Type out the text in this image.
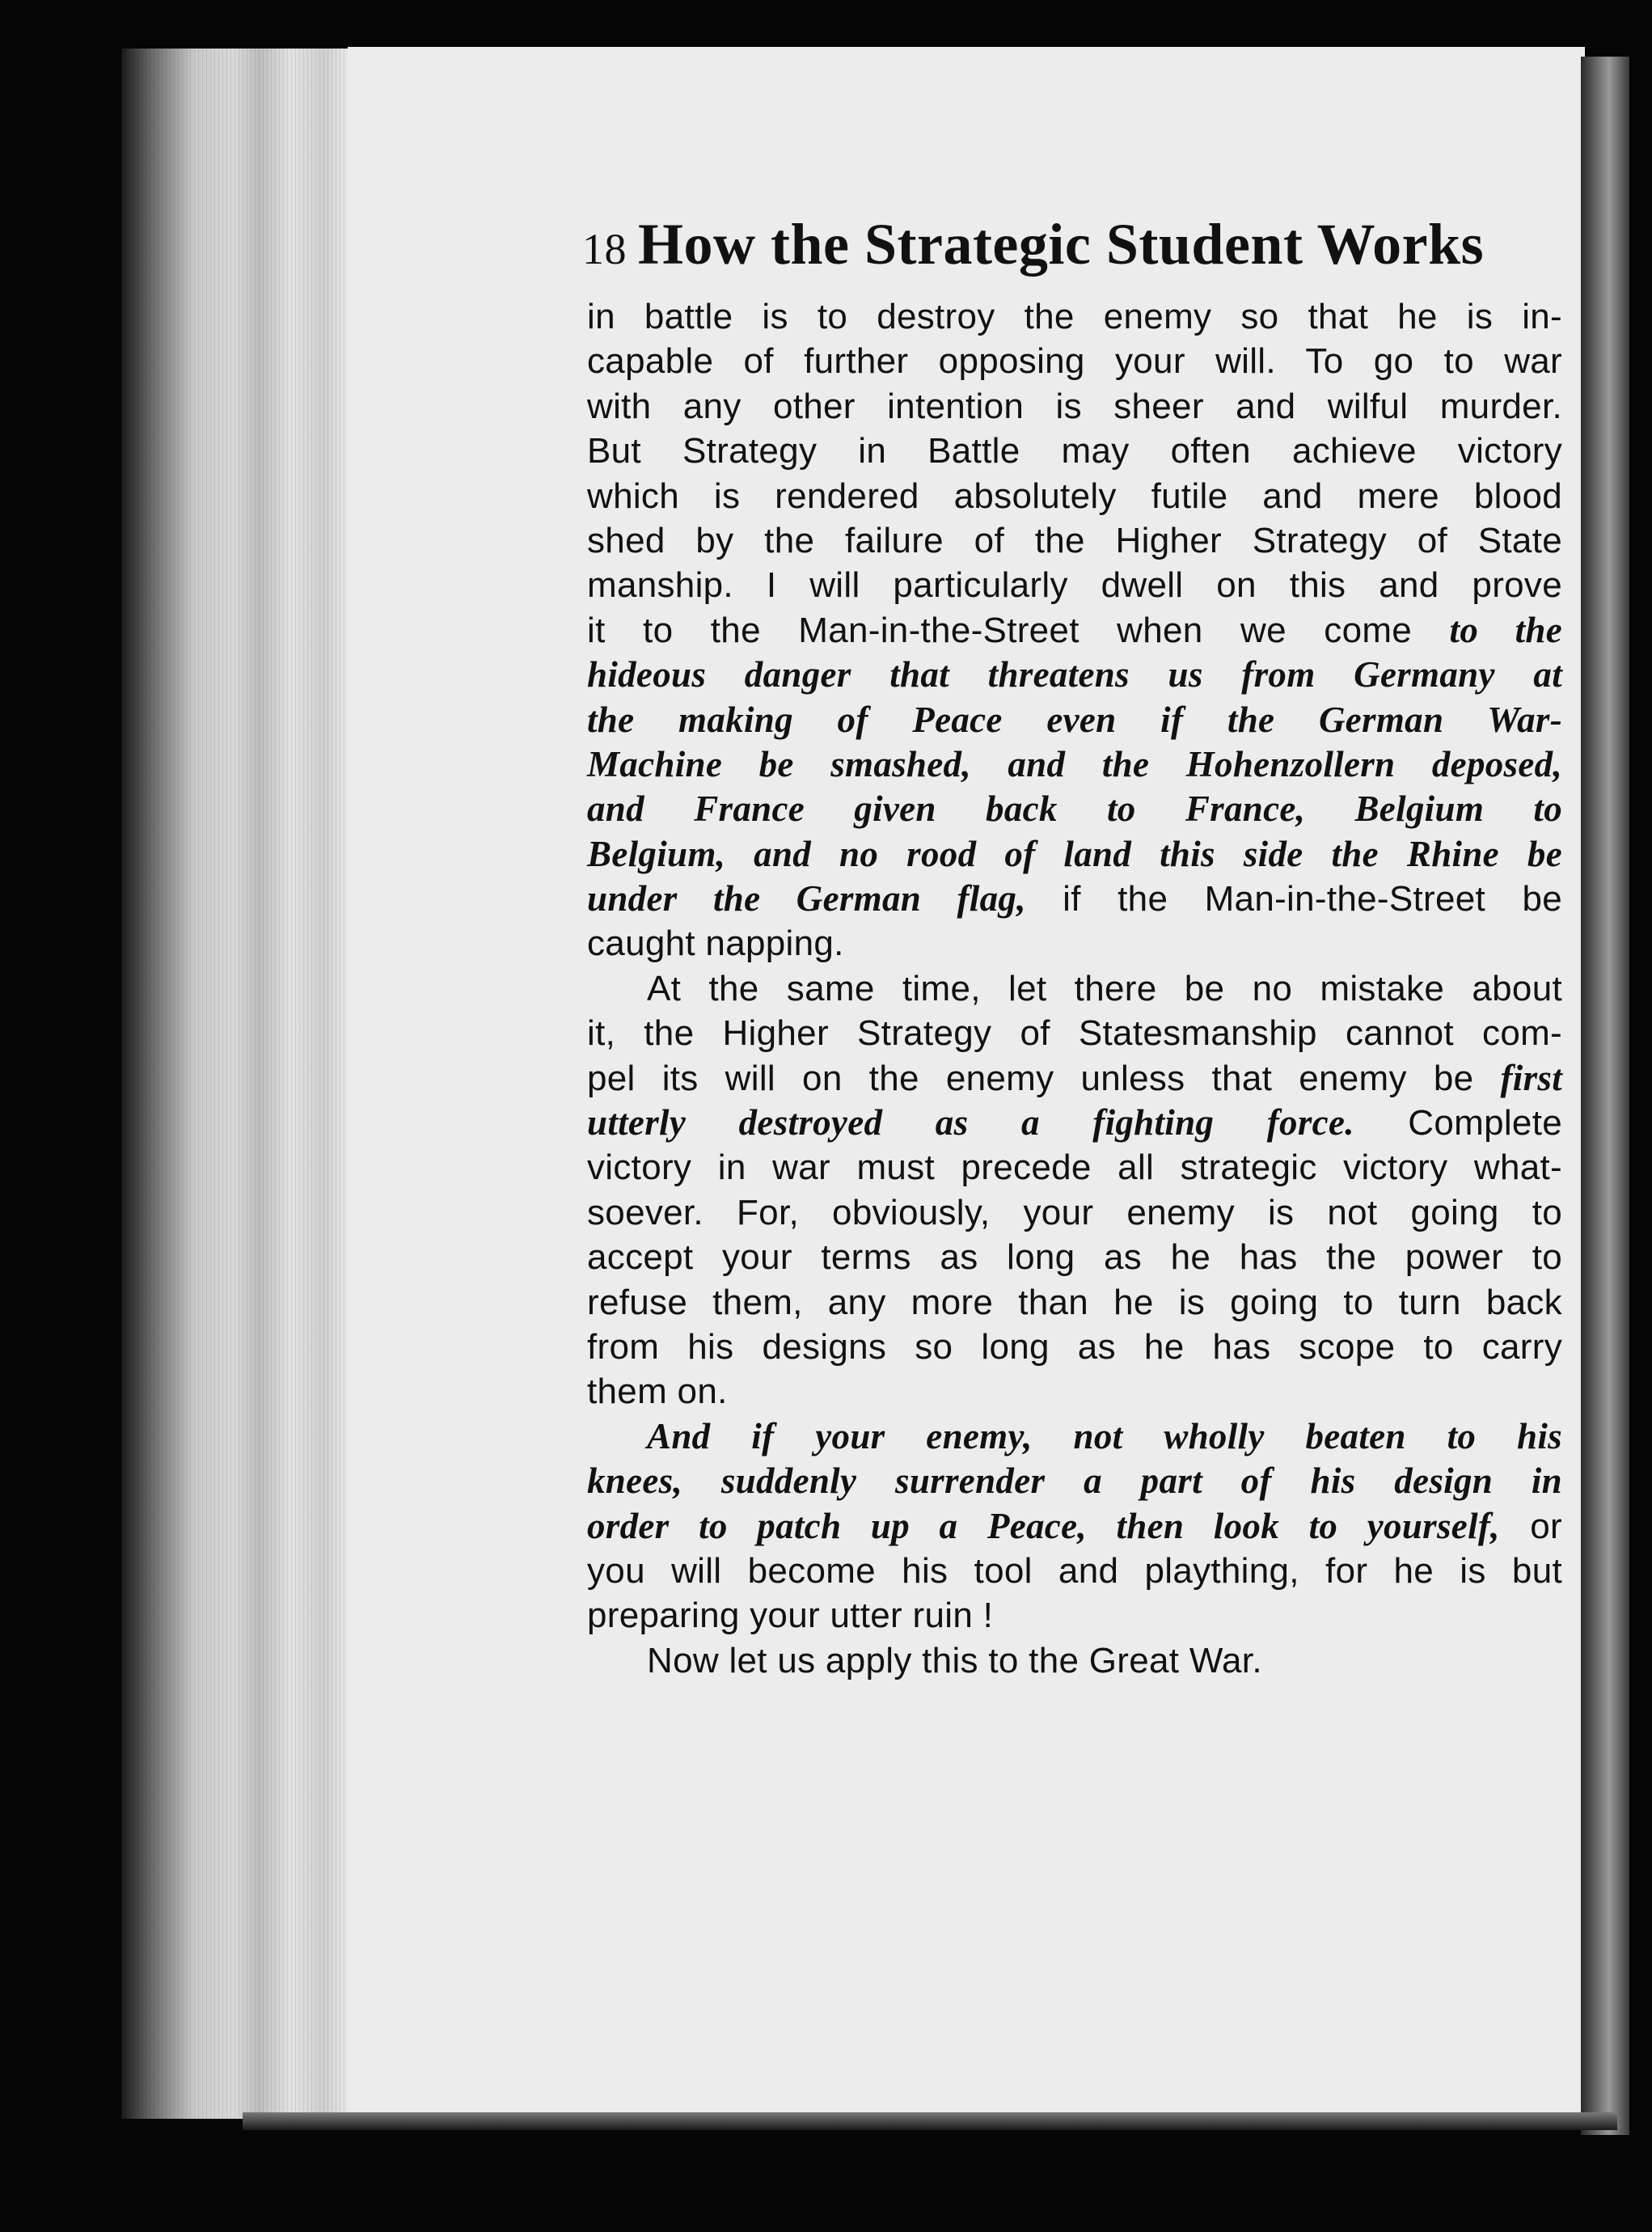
18 How the Strategic Student Works
in battle is to destroy the enemy so that he is in-
capable of further opposing your will. To go to war
with any other intention is sheer and wilful murder.
But Strategy in Battle may often achieve victory
which is rendered absolutely futile and mere blood
shed by the failure of the Higher Strategy of State
manship. I will particularly dwell on this and prove
it to the Man-in-the-Street when we come to the
hideous danger that threatens us from Germany at
the making of Peace even if the German War-
Machine be smashed, and the Hohenzollern deposed,
and France given back to France, Belgium to
Belgium, and no rood of land this side the Rhine be
under the German flag, if the Man-in-the-Street be
caught napping.
At the same time, let there be no mistake about
it, the Higher Strategy of Statesmanship cannot com-
pel its will on the enemy unless that enemy be first
utterly destroyed as a fighting force. Complete
victory in war must precede all strategic victory what-
soever. For, obviously, your enemy is not going to
accept your terms as long as he has the power to
refuse them, any more than he is going to turn back
from his designs so long as he has scope to carry
them on.
And if your enemy, not wholly beaten to his
knees, suddenly surrender a part of his design in
order to patch up a Peace, then look to yourself, or
you will become his tool and plaything, for he is but
preparing your utter ruin !
Now let us apply this to the Great War.
